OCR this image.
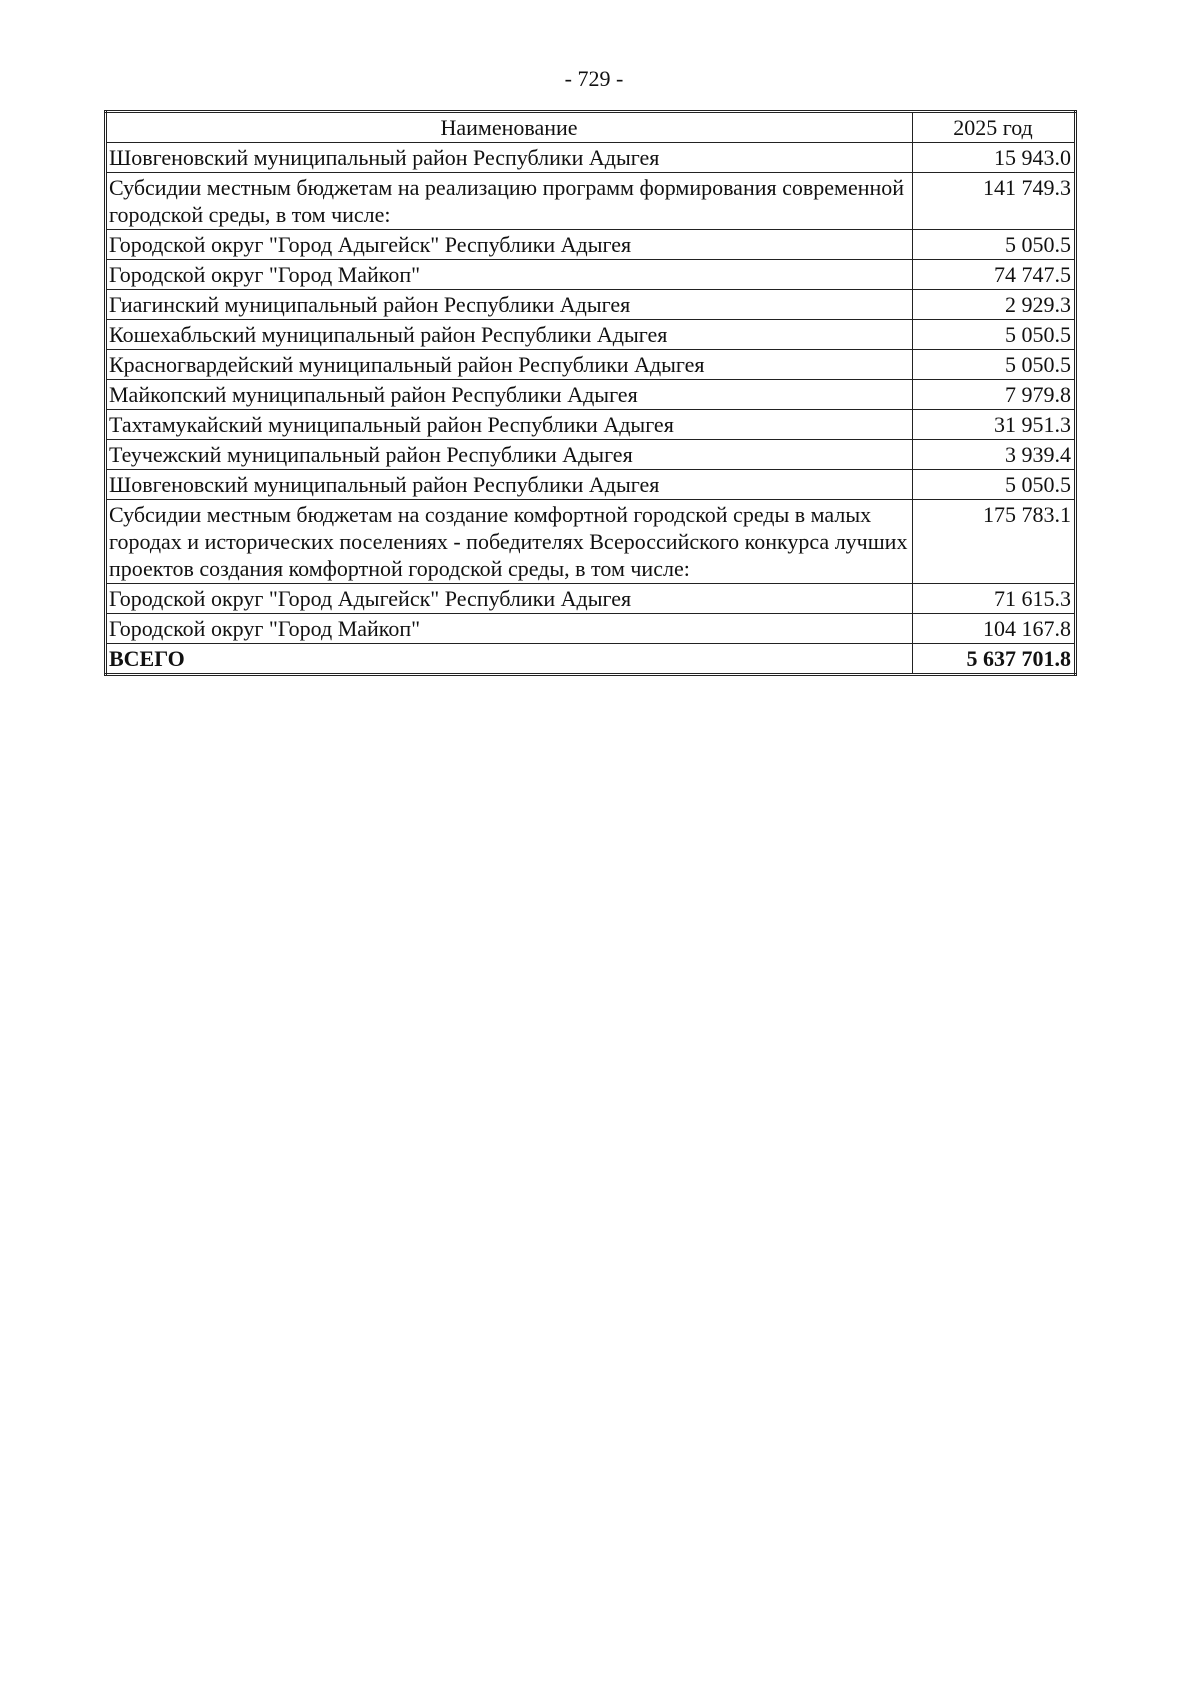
- 729 -
Наименование	2025 год
Шовгеновский муниципальный район Республики Адыгея	15 943.0
Субсидии местным бюджетам на реализацию программ формирования современной городской среды, в том числе:	141 749.3
Городской округ "Город Адыгейск" Республики Адыгея	5 050.5
Городской округ "Город Майкоп"	74 747.5
Гиагинский муниципальный район Республики Адыгея	2 929.3
Кошехабльский муниципальный район Республики Адыгея	5 050.5
Красногвардейский муниципальный район Республики Адыгея	5 050.5
Майкопский муниципальный район Республики Адыгея	7 979.8
Тахтамукайский муниципальный район Республики Адыгея	31 951.3
Теучежский муниципальный район Республики Адыгея	3 939.4
Шовгеновский муниципальный район Республики Адыгея	5 050.5
Субсидии местным бюджетам на создание комфортной городской среды в малых городах и исторических поселениях - победителях Всероссийского конкурса лучших проектов создания комфортной городской среды, в том числе:	175 783.1
Городской округ "Город Адыгейск" Республики Адыгея	71 615.3
Городской округ "Город Майкоп"	104 167.8
ВСЕГО	5 637 701.8
